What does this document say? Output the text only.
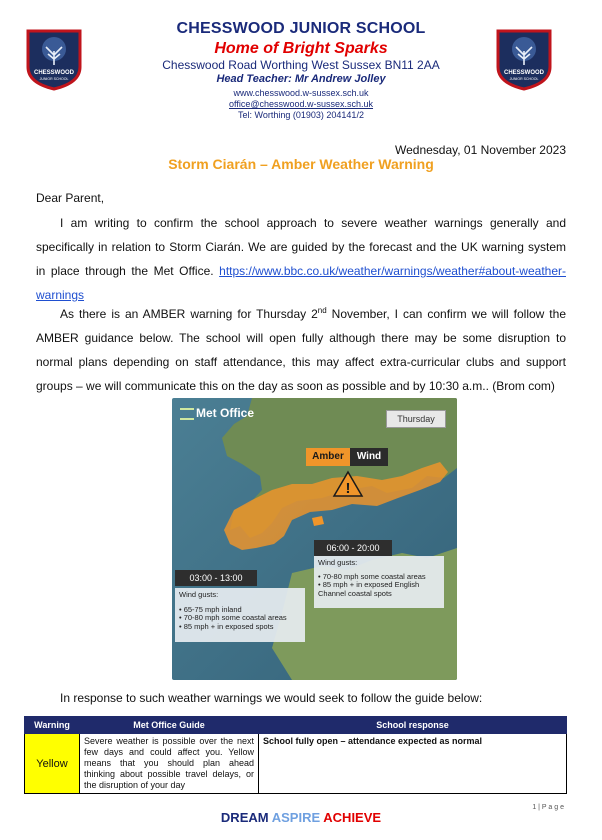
CHESSWOOD
JUNIOR SCHOOL
CHESSWOOD
JUNIOR SCHOOL
CHESSWOOD JUNIOR SCHOOL
Home of Bright Sparks
Chesswood Road Worthing West Sussex BN11 2AA
Head Teacher: Mr Andrew Jolley
www.chesswood.w-sussex.sch.uk
office@chesswood.w-sussex.sch.uk
Tel: Worthing (01903) 204141/2
Wednesday, 01 November 2023
Storm Ciarán – Amber Weather Warning
Dear Parent,
I am writing to confirm the school approach to severe weather warnings generally and specifically in relation to Storm Ciarán. We are guided by the forecast and the UK warning system in place through the Met Office. https://www.bbc.co.uk/weather/warnings/weather#about-weather-warnings
As there is an AMBER warning for Thursday 2nd November, I can confirm we will follow the AMBER guidance below. The school will open fully although there may be some disruption to normal plans depending on staff attendance, this may affect extra-curricular clubs and support groups – we will communicate this on the day as soon as possible and by 10:30 a.m.. (Brom com)
!
Met Office	Thursday
Amber	Wind
06:00 - 20:00
Wind gusts:
• 70-80 mph some coastal areas
• 85 mph + in exposed English
Channel coastal spots
03:00 - 13:00
Wind gusts:
• 65-75 mph inland
• 70-80 mph some coastal areas
• 85 mph + in exposed spots
In response to such weather warnings we would seek to follow the guide below:
Warning	Met Office Guide	School response
Yellow	Severe weather is possible over the next few days and could affect you. Yellow means that you should plan ahead thinking about possible travel delays, or the disruption of your day	School fully open – attendance expected as normal
1 | P a g e
DREAM ASPIRE ACHIEVE
